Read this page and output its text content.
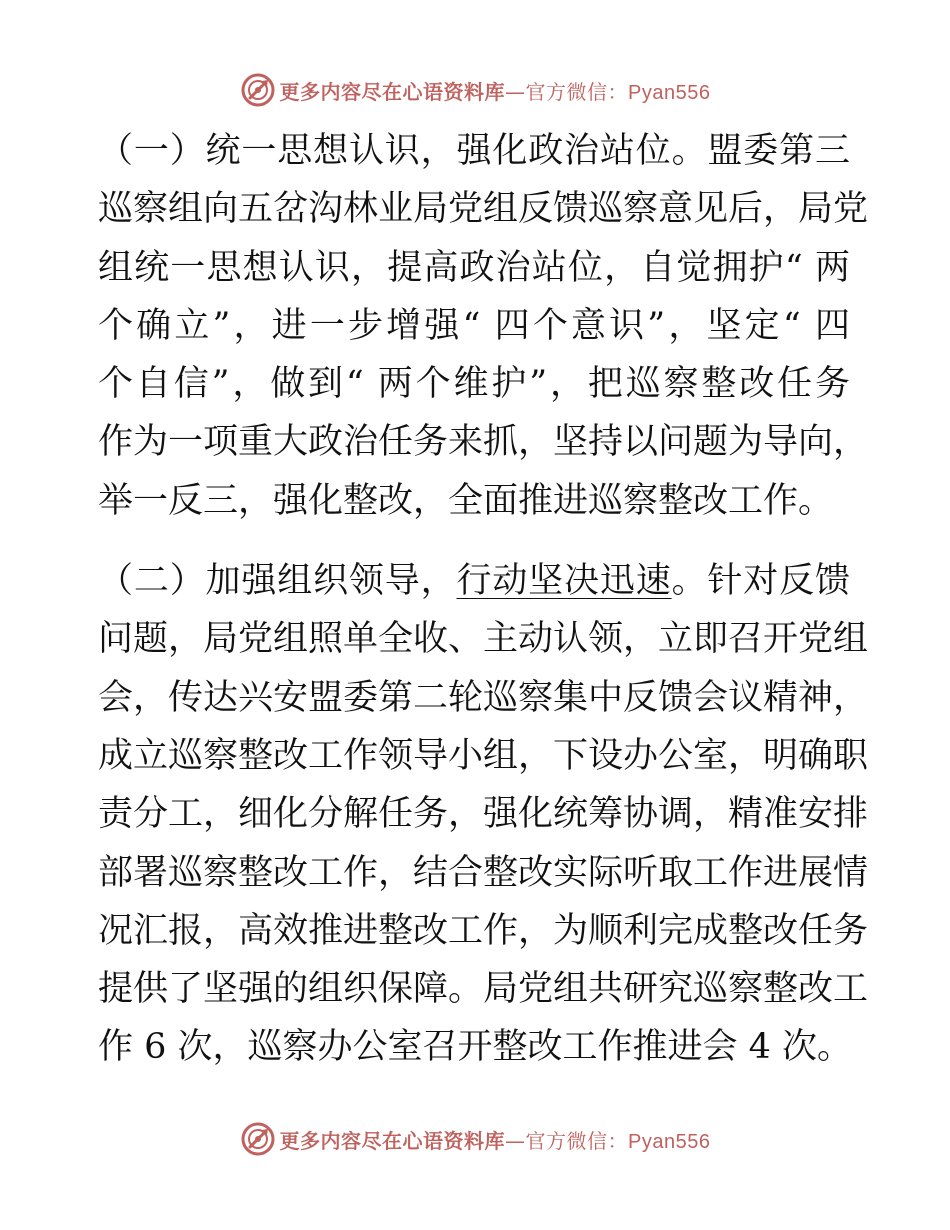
更多内容尽在心语资料库—官方微信：Pyan556
（一）统一思想认识，强化政治站位。盟委第三
巡察组向五岔沟林业局党组反馈巡察意见后，局党
组统一思想认识，提高政治站位，自觉拥护“ 两
个确立”，进一步增强“ 四个意识”，坚定“ 四
个自信”，做到“ 两个维护”，把巡察整改任务
作为一项重大政治任务来抓，坚持以问题为导向，
举一反三，强化整改，全面推进巡察整改工作。
（二）加强组织领导，行动坚决迅速。针对反馈
问题，局党组照单全收、主动认领，立即召开党组
会，传达兴安盟委第二轮巡察集中反馈会议精神，
成立巡察整改工作领导小组，下设办公室，明确职
责分工，细化分解任务，强化统筹协调，精准安排
部署巡察整改工作，结合整改实际听取工作进展情
况汇报，高效推进整改工作，为顺利完成整改任务
提供了坚强的组织保障。局党组共研究巡察整改工
作 6 次，巡察办公室召开整改工作推进会 4 次。
更多内容尽在心语资料库—官方微信：Pyan556
